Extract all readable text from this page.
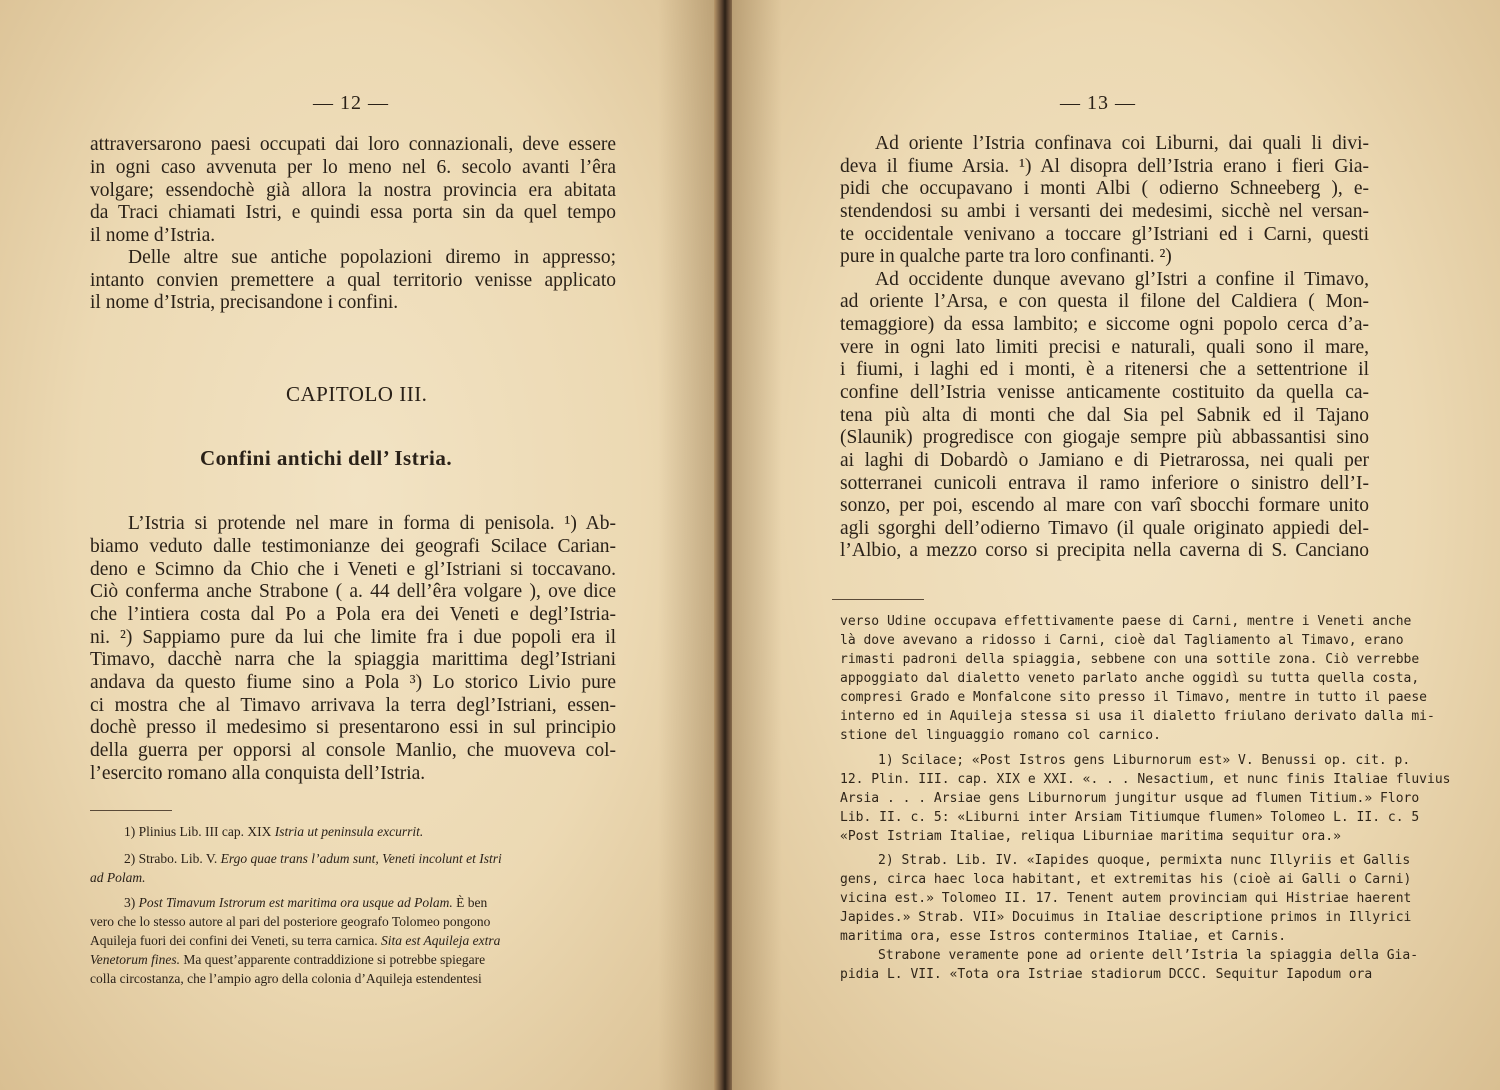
— 12 —
attraversarono paesi occupati dai loro connazionali, deve essere
in ogni caso avvenuta per lo meno nel 6. secolo avanti l’êra
volgare; essendochè già allora la nostra provincia era abitata
da Traci chiamati Istri, e quindi essa porta sin da quel tempo
il nome d’Istria.
Delle altre sue antiche popolazioni diremo in appresso;
intanto convien premettere a qual territorio venisse applicato
il nome d’Istria, precisandone i confini.
CAPITOLO III.
Confini antichi dell’ Istria.
L’Istria si protende nel mare in forma di penisola. ¹) Ab-
biamo veduto dalle testimonianze dei geografi Scilace Carian-
deno e Scimno da Chio che i Veneti e gl’Istriani si toccavano.
Ciò conferma anche Strabone ( a. 44 dell’êra volgare ), ove dice
che l’intiera costa dal Po a Pola era dei Veneti e degl’Istria-
ni. ²) Sappiamo pure da lui che limite fra i due popoli era il
Timavo, dacchè narra che la spiaggia marittima degl’Istriani
andava da questo fiume sino a Pola ³) Lo storico Livio pure
ci mostra che al Timavo arrivava la terra degl’Istriani, essen-
dochè presso il medesimo si presentarono essi in sul principio
della guerra per opporsi al console Manlio, che muoveva col-
l’esercito romano alla conquista dell’Istria.
1) Plinius Lib. III cap. XIX Istria ut peninsula excurrit.
2) Strabo. Lib. V. Ergo quae trans l’adum sunt, Veneti incolunt et Istri
ad Polam.
3) Post Timavum Istrorum est maritima ora usque ad Polam. È ben
vero che lo stesso autore al pari del posteriore geografo Tolomeo pongono
Aquileja fuori dei confini dei Veneti, su terra carnica. Sita est Aquileja extra
Venetorum fines. Ma quest’apparente contraddizione si potrebbe spiegare
colla circostanza, che l’ampio agro della colonia d’Aquileja estendentesi
— 13 —
Ad oriente l’Istria confinava coi Liburni, dai quali li divi-
deva il fiume Arsia. ¹) Al disopra dell’Istria erano i fieri Gia-
pidi che occupavano i monti Albi ( odierno Schneeberg ), e-
stendendosi su ambi i versanti dei medesimi, sicchè nel versan-
te occidentale venivano a toccare gl’Istriani ed i Carni, questi
pure in qualche parte tra loro confinanti. ²)
Ad occidente dunque avevano gl’Istri a confine il Timavo,
ad oriente l’Arsa, e con questa il filone del Caldiera ( Mon-
temaggiore) da essa lambito; e siccome ogni popolo cerca d’a-
vere in ogni lato limiti precisi e naturali, quali sono il mare,
i fiumi, i laghi ed i monti, è a ritenersi che a settentrione il
confine dell’Istria venisse anticamente costituito da quella ca-
tena più alta di monti che dal Sia pel Sabnik ed il Tajano
(Slaunik) progredisce con giogaje sempre più abbassantisi sino
ai laghi di Dobardò o Jamiano e di Pietrarossa, nei quali per
sotterranei cunicoli entrava il ramo inferiore o sinistro dell’I-
sonzo, per poi, escendo al mare con varî sbocchi formare unito
agli sgorghi dell’odierno Timavo (il quale originato appiedi del-
l’Albio, a mezzo corso si precipita nella caverna di S. Canciano
verso Udine occupava effettivamente paese di Carni, mentre i Veneti anche
là dove avevano a ridosso i Carni, cioè dal Tagliamento al Timavo, erano
rimasti padroni della spiaggia, sebbene con una sottile zona. Ciò verrebbe
appoggiato dal dialetto veneto parlato anche oggidì su tutta quella costa,
compresi Grado e Monfalcone sito presso il Timavo, mentre in tutto il paese
interno ed in Aquileja stessa si usa il dialetto friulano derivato dalla mi-
stione del linguaggio romano col carnico.
1) Scilace; «Post Istros gens Liburnorum est» V. Benussi op. cit. p.
12. Plin. III. cap. XIX e XXI. «. . . Nesactium, et nunc finis Italiae fluvius
Arsia . . . Arsiae gens Liburnorum jungitur usque ad flumen Titium.» Floro
Lib. II. c. 5: «Liburni inter Arsiam Titiumque flumen» Tolomeo L. II. c. 5
«Post Istriam Italiae, reliqua Liburniae maritima sequitur ora.»
2) Strab. Lib. IV. «Iapides quoque, permixta nunc Illyriis et Gallis
gens, circa haec loca habitant, et extremitas his (cioè ai Galli o Carni)
vicina est.» Tolomeo II. 17. Tenent autem provinciam qui Histriae haerent
Japides.» Strab. VII» Docuimus in Italiae descriptione primos in Illyrici
maritima ora, esse Istros conterminos Italiae, et Carnis.
Strabone veramente pone ad oriente dell’Istria la spiaggia della Gia-
pidia L. VII. «Tota ora Istriae stadiorum DCCC. Sequitur Iapodum ora
